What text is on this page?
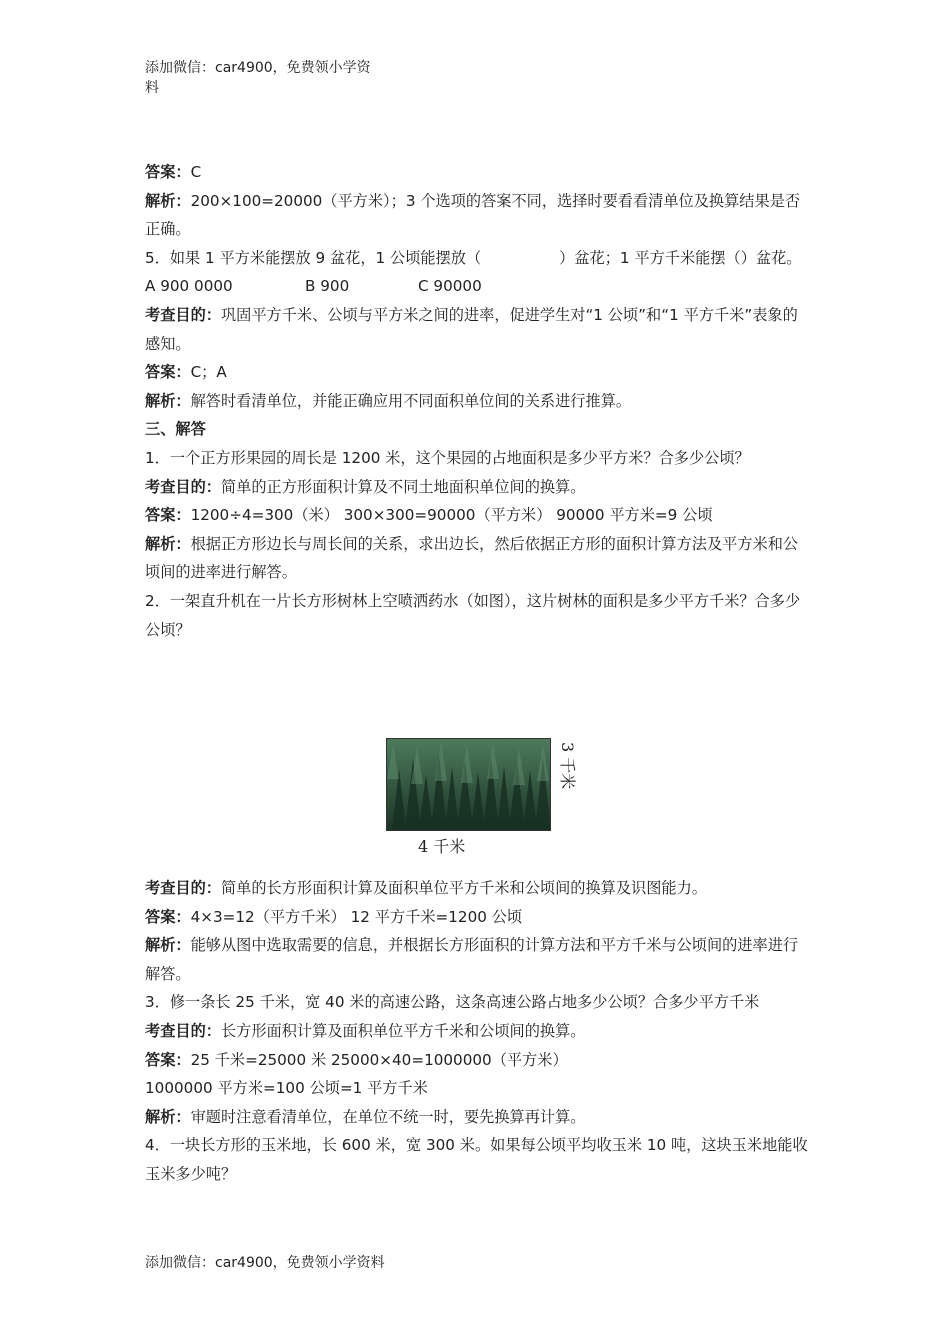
添加微信：car4900，免费领小学资
料

答案：C

解析：200×100=20000（平方米）；3 个选项的答案不同，选择时要看看清单位及换算结果是否正确。

5．如果 1 平方米能摆放 9 盆花，1 公顷能摆放（	）盆花；1 平方千米能摆（）盆花。

A 900 0000	B 900	C 90000

考查目的：巩固平方千米、公顷与平方米之间的进率，促进学生对“1 公顷”和“1 平方千米”表象的感知。

答案：C；A

解析：解答时看清单位，并能正确应用不同面积单位间的关系进行推算。

三、解答

1．一个正方形果园的周长是 1200 米，这个果园的占地面积是多少平方米？合多少公顷？

考查目的：简单的正方形面积计算及不同土地面积单位间的换算。

答案：1200÷4=300（米） 300×300=90000（平方米） 90000 平方米=9 公顷

解析：根据正方形边长与周长间的关系，求出边长，然后依据正方形的面积计算方法及平方米和公顷间的进率进行解答。

2．一架直升机在一片长方形树林上空喷洒药水（如图），这片树林的面积是多少平方千米？合多少公顷？

4 千米
3 千米

考查目的：简单的长方形面积计算及面积单位平方千米和公顷间的换算及识图能力。

答案：4×3=12（平方千米） 12 平方千米=1200 公顷

解析：能够从图中选取需要的信息，并根据长方形面积的计算方法和平方千米与公顷间的进率进行解答。

3．修一条长 25 千米，宽 40 米的高速公路，这条高速公路占地多少公顷？合多少平方千米

考查目的：长方形面积计算及面积单位平方千米和公顷间的换算。

答案：25 千米=25000 米 25000×40=1000000（平方米）

1000000 平方米=100 公顷=1 平方千米

解析：审题时注意看清单位，在单位不统一时，要先换算再计算。

4．一块长方形的玉米地，长 600 米，宽 300 米。如果每公顷平均收玉米 10 吨，这块玉米地能收玉米多少吨？

添加微信：car4900，免费领小学资料
